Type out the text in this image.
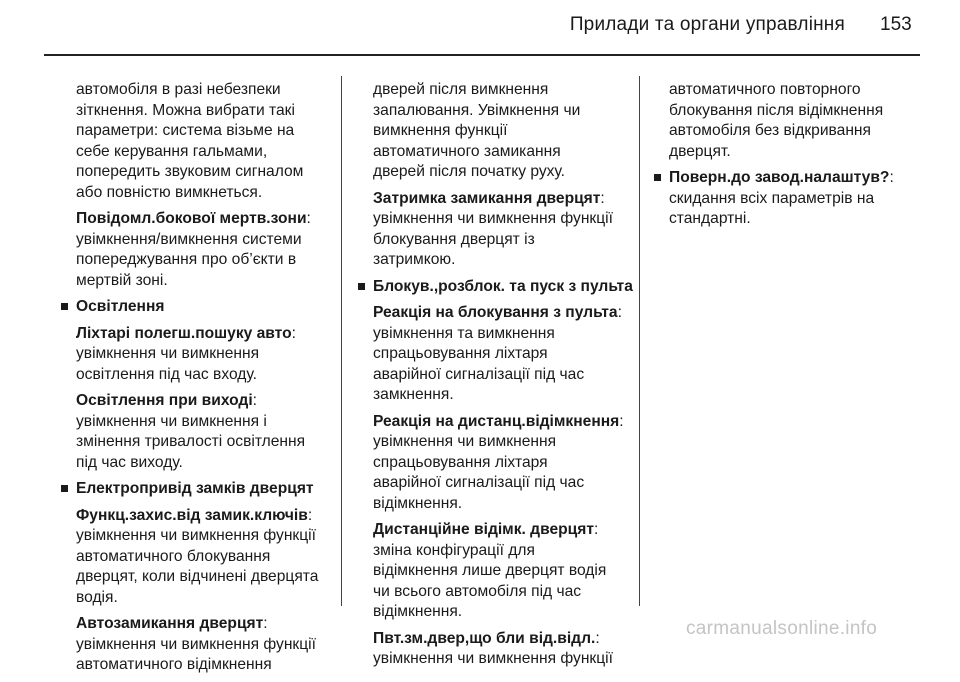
Прилади та органи управління 153
автомобіля в разі небезпеки
зіткнення. Можна вибрати такі
параметри: система візьме на
себе керування гальмами,
попередить звуковим сигналом
або повністю вимкнеться.
Повідомл.бокової мертв.зони:
увімкнення/вимкнення системи
попереджування про об’єкти в
мертвій зоні.
Освітлення
Ліхтарі полегш.пошуку авто:
увімкнення чи вимкнення
освітлення під час входу.
Освітлення при виході:
увімкнення чи вимкнення і
змінення тривалості освітлення
під час виходу.
Електропривід замків дверцят
Функц.захис.від замик.ключів:
увімкнення чи вимкнення функції
автоматичного блокування
дверцят, коли відчинені дверцята
водія.
Автозамикання дверцят:
увімкнення чи вимкнення функції
автоматичного відімкнення
дверей після вимкнення
запалювання. Увімкнення чи
вимкнення функції
автоматичного замикання
дверей після початку руху.
Затримка замикання дверцят:
увімкнення чи вимкнення функції
блокування дверцят із
затримкою.
Блокув.,розблок. та пуск з пульта
Реакція на блокування з пульта:
увімкнення та вимкнення
спрацьовування ліхтаря
аварійної сигналізації під час
замкнення.
Реакція на дистанц.відімкнення:
увімкнення чи вимкнення
спрацьовування ліхтаря
аварійної сигналізації під час
відімкнення.
Дистанційне відімк. дверцят:
зміна конфігурації для
відімкнення лише дверцят водія
чи всього автомобіля під час
відімкнення.
Пвт.зм.двер,що бли від.відл.:
увімкнення чи вимкнення функції
автоматичного повторного
блокування після відімкнення
автомобіля без відкривання
дверцят.
Поверн.до завод.налаштув?:
скидання всіх параметрів на
стандартні.
carmanualsonline.info
